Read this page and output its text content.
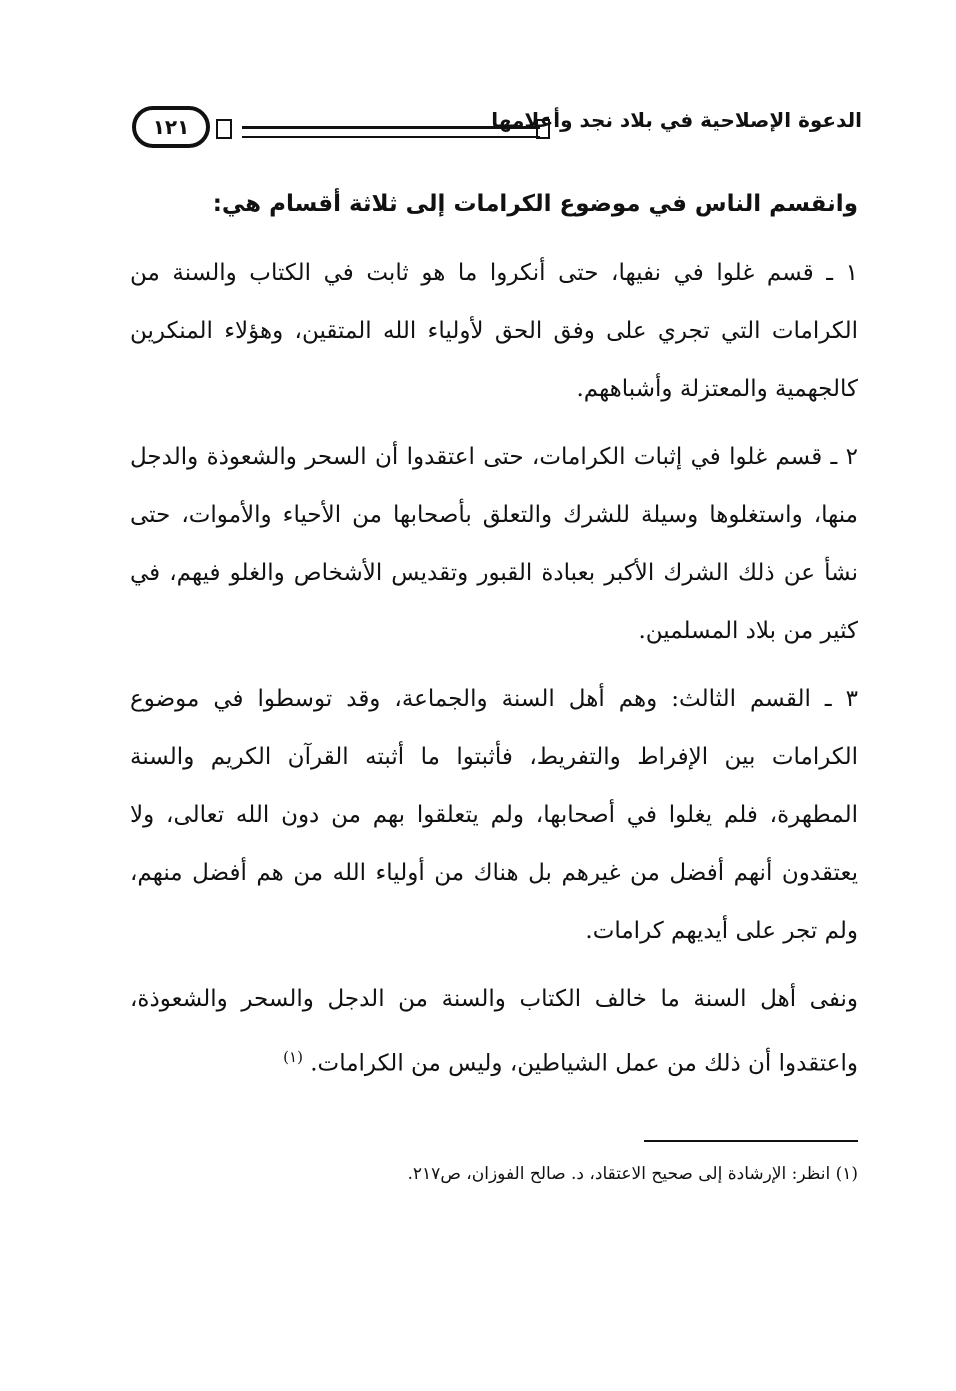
١٢١	الدعوة الإصلاحية في بلاد نجد وأعلامها

وانقسم الناس في موضوع الكرامات إلى ثلاثة أقسام هي:

١ ـ قسم غلوا في نفيها، حتى أنكروا ما هو ثابت في الكتاب والسنة من الكرامات التي تجري على وفق الحق لأولياء الله المتقين، وهؤلاء المنكرين كالجهمية والمعتزلة وأشباههم.

٢ ـ قسم غلوا في إثبات الكرامات، حتى اعتقدوا أن السحر والشعوذة والدجل منها، واستغلوها وسيلة للشرك والتعلق بأصحابها من الأحياء والأموات، حتى نشأ عن ذلك الشرك الأكبر بعبادة القبور وتقديس الأشخاص والغلو فيهم، في كثير من بلاد المسلمين.

٣ ـ القسم الثالث: وهم أهل السنة والجماعة، وقد توسطوا في موضوع الكرامات بين الإفراط والتفريط، فأثبتوا ما أثبته القرآن الكريم والسنة المطهرة، فلم يغلوا في أصحابها، ولم يتعلقوا بهم من دون الله تعالى، ولا يعتقدون أنهم أفضل من غيرهم بل هناك من أولياء الله من هم أفضل منهم، ولم تجر على أيديهم كرامات.

ونفى أهل السنة ما خالف الكتاب والسنة من الدجل والسحر والشعوذة، واعتقدوا أن ذلك من عمل الشياطين، وليس من الكرامات. $^{(١)}$

(١) انظر: الإرشادة إلى صحيح الاعتقاد، د. صالح الفوزان، ص٢١٧.
